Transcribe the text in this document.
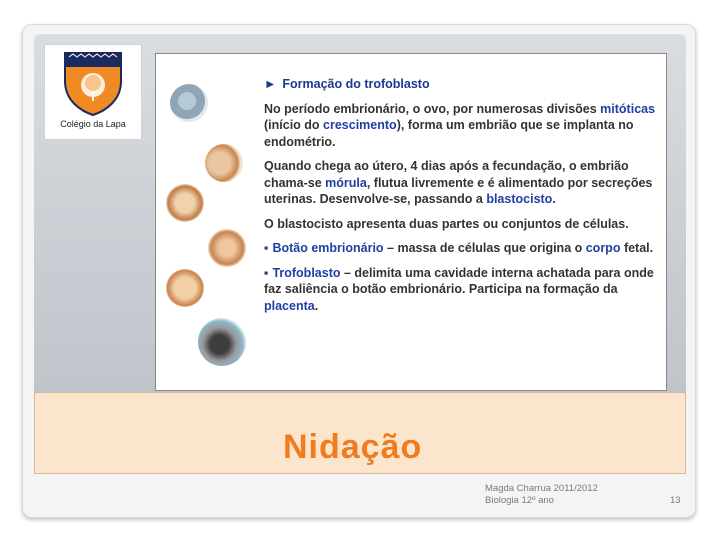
Colégio da Lapa

► Formação do trofoblasto

No período embrionário, o ovo, por numerosas divisões mitóticas (início do crescimento), forma um embrião que se implanta no endométrio.

Quando chega ao útero, 4 dias após a fecundação, o embrião chama-se mórula, flutua livremente e é alimentado por secreções uterinas. Desenvolve-se, passando a blastocisto.

O blastocisto apresenta duas partes ou conjuntos de células.

▪ Botão embrionário – massa de células que origina o corpo fetal.

▪ Trofoblasto – delimita uma cavidade interna achatada para onde faz saliência o botão embrionário. Participa na formação da placenta.

Nidação
Magda Charrua 2011/2012
Biologia 12º ano	13
